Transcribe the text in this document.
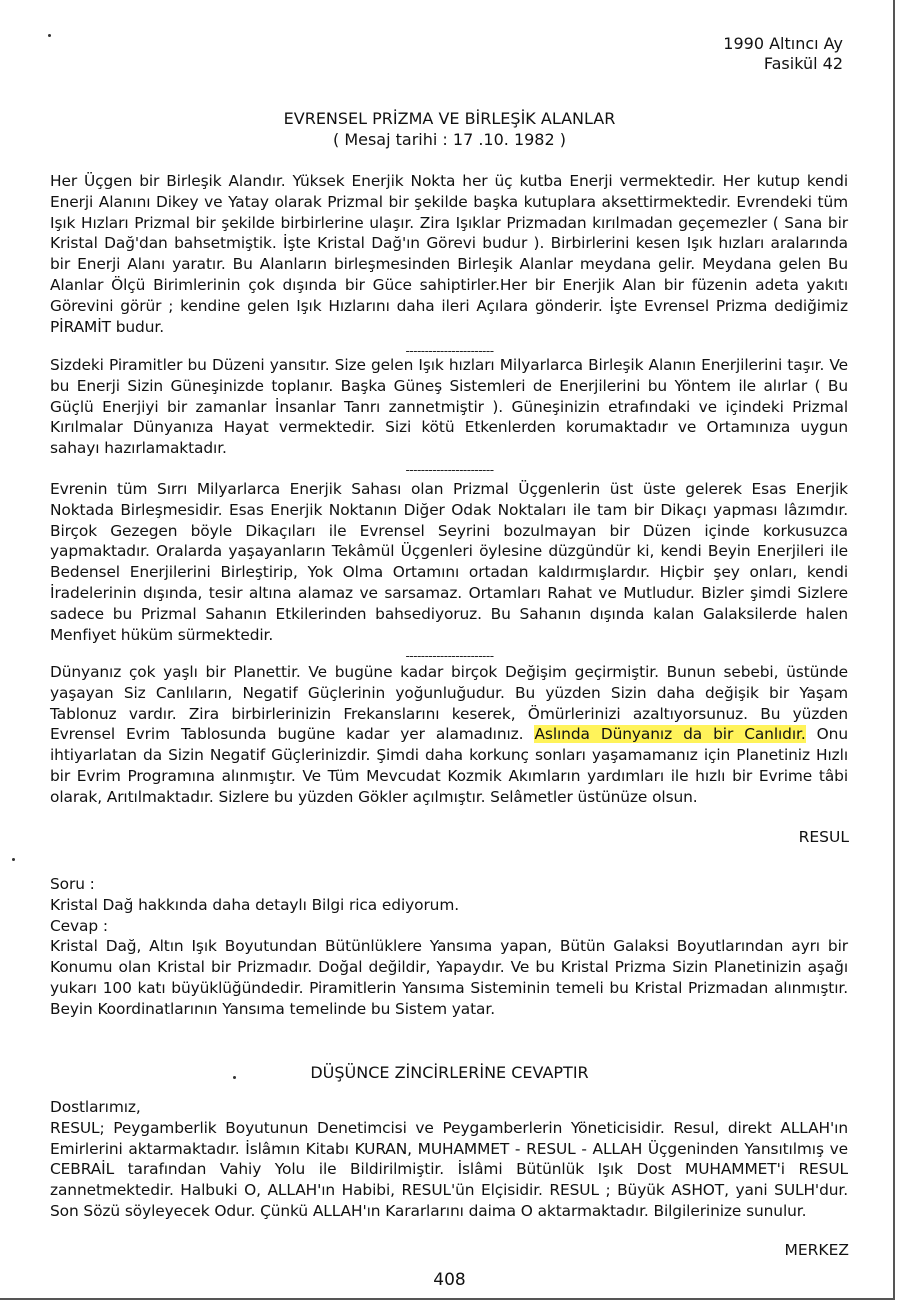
1990 Altıncı Ay
Fasikül 42
EVRENSEL PRİZMA VE BİRLEŞİK ALANLAR
( Mesaj tarihi : 17 .10. 1982 )
Her Üçgen bir Birleşik Alandır. Yüksek Enerjik Nokta her üç kutba Enerji vermektedir. Her kutup kendi Enerji Alanını Dikey ve Yatay olarak Prizmal bir şekilde başka kutuplara aksettirmektedir. Evrendeki tüm Işık Hızları Prizmal bir şekilde birbirlerine ulaşır. Zira Işıklar Prizmadan kırılmadan geçemezler ( Sana bir Kristal Dağ'dan bahsetmiştik. İşte Kristal Dağ'ın Görevi budur ). Birbirlerini kesen Işık hızları aralarında bir Enerji Alanı yaratır. Bu Alanların birleşmesinden Birleşik Alanlar meydana gelir. Meydana gelen Bu Alanlar Ölçü Birimlerinin çok dışında bir Güce sahiptirler.Her bir Enerjik Alan bir füzenin adeta yakıtı Görevini görür ; kendine gelen Işık Hızlarını daha ileri Açılara gönderir. İşte Evrensel Prizma dediğimiz PİRAMİT budur.
-----------------------
Sizdeki Piramitler bu Düzeni yansıtır. Size gelen Işık hızları Milyarlarca Birleşik Alanın Enerjilerini taşır. Ve bu Enerji Sizin Güneşinizde toplanır. Başka Güneş Sistemleri de Enerjilerini bu Yöntem ile alırlar ( Bu Güçlü Enerjiyi bir zamanlar İnsanlar Tanrı zannetmiştir ). Güneşinizin etrafındaki ve içindeki Prizmal Kırılmalar Dünyanıza Hayat vermektedir. Sizi kötü Etkenlerden korumaktadır ve Ortamınıza uygun sahayı hazırlamaktadır.
-----------------------
Evrenin tüm Sırrı Milyarlarca Enerjik Sahası olan Prizmal Üçgenlerin üst üste gelerek Esas Enerjik Noktada Birleşmesidir. Esas Enerjik Noktanın Diğer Odak Noktaları ile tam bir Dikaçı yapması lâzımdır. Birçok Gezegen böyle Dikaçıları ile Evrensel Seyrini bozulmayan bir Düzen içinde korkusuzca yapmaktadır. Oralarda yaşayanların Tekâmül Üçgenleri öylesine düzgündür ki, kendi Beyin Enerjileri ile Bedensel Enerjilerini Birleştirip, Yok Olma Ortamını ortadan kaldırmışlardır. Hiçbir şey onları, kendi İradelerinin dışında, tesir altına alamaz ve sarsamaz. Ortamları Rahat ve Mutludur. Bizler şimdi Sizlere sadece bu Prizmal Sahanın Etkilerinden bahsediyoruz. Bu Sahanın dışında kalan Galaksilerde halen Menfiyet hüküm sürmektedir.
-----------------------
Dünyanız çok yaşlı bir Planettir. Ve bugüne kadar birçok Değişim geçirmiştir. Bunun sebebi, üstünde yaşayan Siz Canlıların, Negatif Güçlerinin yoğunluğudur. Bu yüzden Sizin daha değişik bir Yaşam Tablonuz vardır. Zira birbirlerinizin Frekanslarını keserek, Ömürlerinizi azaltıyorsunuz. Bu yüzden Evrensel Evrim Tablosunda bugüne kadar yer alamadınız. Aslında Dünyanız da bir Canlıdır. Onu ihtiyarlatan da Sizin Negatif Güçlerinizdir. Şimdi daha korkunç sonları yaşamamanız için Planetiniz Hızlı bir Evrim Programına alınmıştır. Ve Tüm Mevcudat Kozmik Akımların yardımları ile hızlı bir Evrime tâbi olarak, Arıtılmaktadır. Sizlere bu yüzden Gökler açılmıştır. Selâmetler üstünüze olsun.
RESUL
Soru :
Kristal Dağ hakkında daha detaylı Bilgi rica ediyorum.
Cevap :
Kristal Dağ, Altın Işık Boyutundan Bütünlüklere Yansıma yapan, Bütün Galaksi Boyutlarından ayrı bir Konumu olan Kristal bir Prizmadır. Doğal değildir, Yapaydır. Ve bu Kristal Prizma Sizin Planetinizin aşağı yukarı 100 katı büyüklüğündedir. Piramitlerin Yansıma Sisteminin temeli bu Kristal Prizmadan alınmıştır. Beyin Koordinatlarının Yansıma temelinde bu Sistem yatar.
DÜŞÜNCE ZİNCİRLERİNE CEVAPTIR
Dostlarımız,
RESUL; Peygamberlik Boyutunun Denetimcisi ve Peygamberlerin Yöneticisidir. Resul, direkt ALLAH'ın Emirlerini aktarmaktadır. İslâmın Kitabı KURAN, MUHAMMET - RESUL - ALLAH Üçgeninden Yansıtılmış ve CEBRAİL tarafından Vahiy Yolu ile Bildirilmiştir. İslâmi Bütünlük Işık Dost MUHAMMET'i RESUL zannetmektedir. Halbuki O, ALLAH'ın Habibi, RESUL'ün Elçisidir. RESUL ; Büyük ASHOT, yani SULH'dur. Son Sözü söyleyecek Odur. Çünkü ALLAH'ın Kararlarını daima O aktarmaktadır. Bilgilerinize sunulur.
MERKEZ
408
